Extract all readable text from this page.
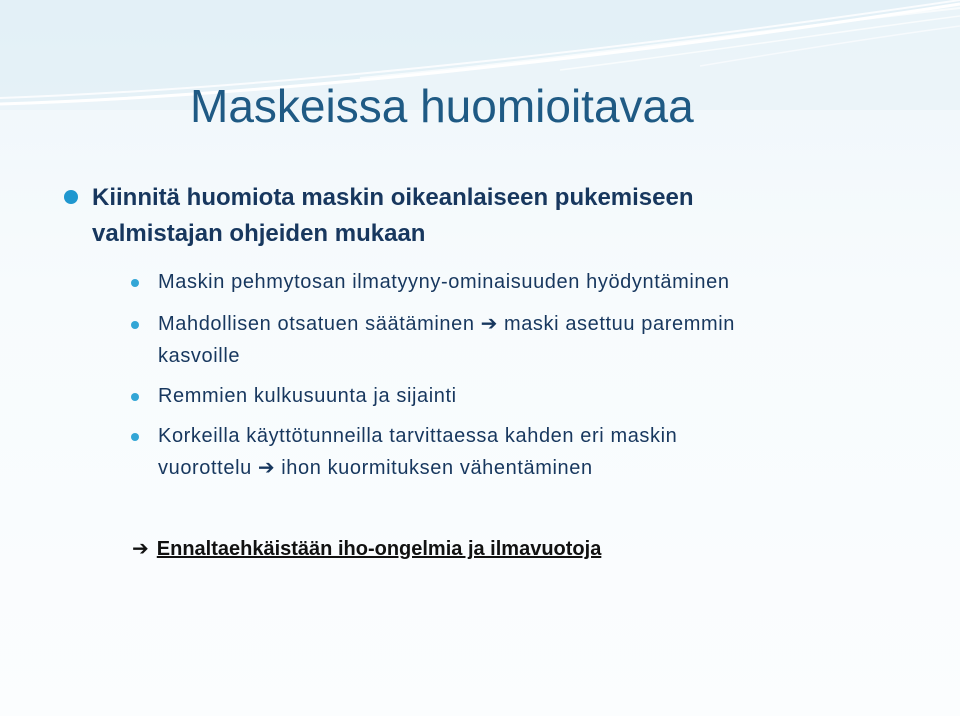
Maskeissa huomioitavaa
Kiinnitä huomiota maskin oikeanlaiseen pukemiseen
valmistajan ohjeiden mukaan
Maskin pehmytosan ilmatyyny-ominaisuuden hyödyntäminen
Mahdollisen otsatuen säätäminen ➔ maski asettuu paremmin
kasvoille
Remmien kulkusuunta ja sijainti
Korkeilla käyttötunneilla tarvittaessa kahden eri maskin
vuorottelu ➔ ihon kuormituksen vähentäminen
➔ Ennaltaehkäistään iho-ongelmia ja ilmavuotoja
